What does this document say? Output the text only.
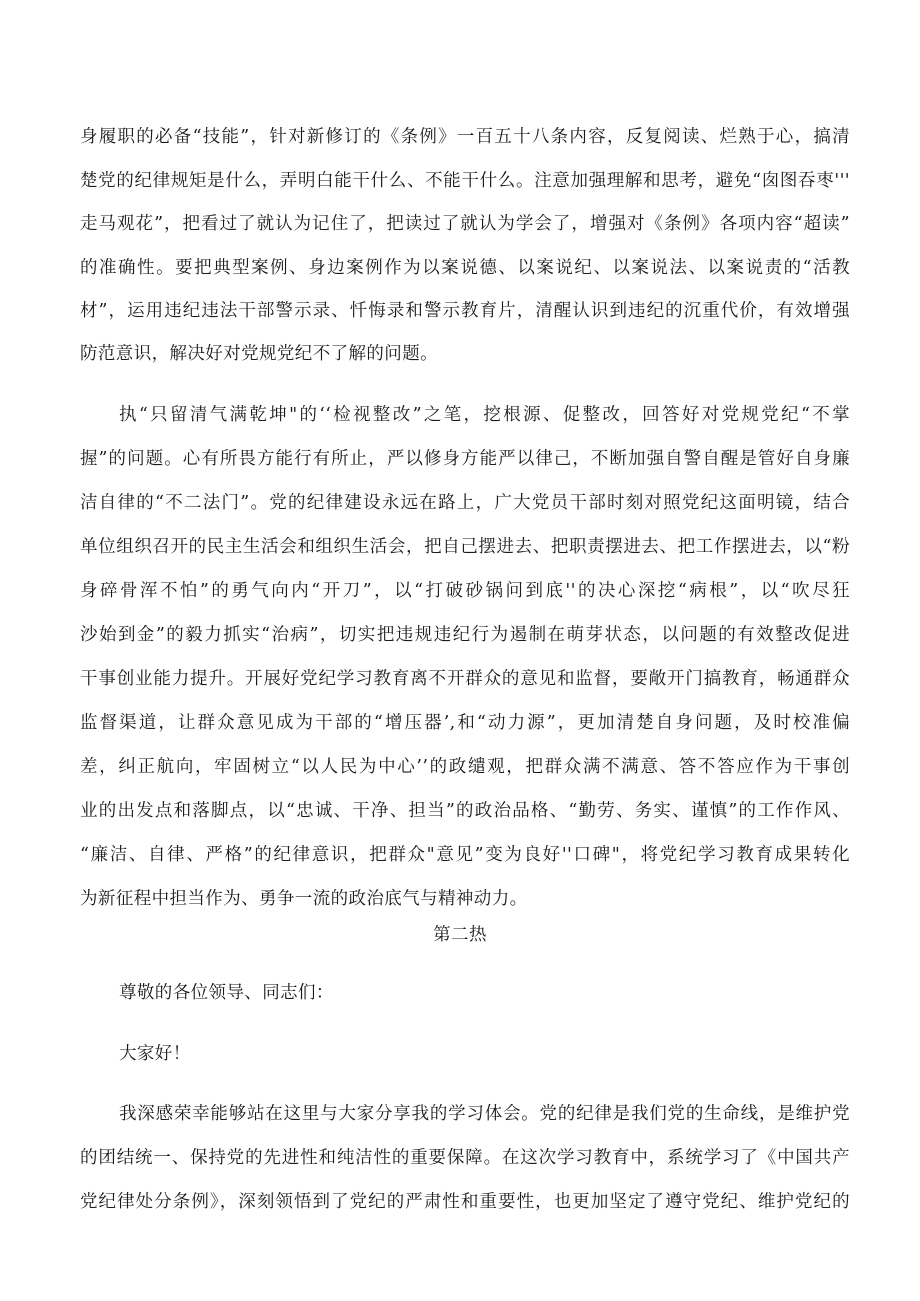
身履职的必备“技能”，针对新修订的《条例》一百五十八条内容，反复阅读、烂熟于心，搞清
楚党的纪律规矩是什么，弄明白能干什么、不能干什么。注意加强理解和思考，避免“囱图吞枣'''
走马观花”，把看过了就认为记住了，把读过了就认为学会了，增强对《条例》各项内容“超读”
的准确性。要把典型案例、身边案例作为以案说德、以案说纪、以案说法、以案说责的“活教
材”，运用违纪违法干部警示录、忏悔录和警示教育片，清醒认识到违纪的沉重代价，有效增强
防范意识，解决好对党规党纪不了解的问题。
执“只留清气满乾坤"的‘‘检视整改”之笔，挖根源、促整改，回答好对党规党纪“不掌
握”的问题。心有所畏方能行有所止，严以修身方能严以律己，不断加强自警自醒是管好自身廉
洁自律的“不二法门”。党的纪律建设永远在路上，广大党员干部时刻对照党纪这面明镜，结合
单位组织召开的民主生活会和组织生活会，把自己摆进去、把职责摆进去、把工作摆进去，以“粉
身碎骨浑不怕”的勇气向内“开刀”，以“打破砂锅问到底''的决心深挖“病根”，以“吹尽狂
沙始到金”的毅力抓实“治病”，切实把违规违纪行为遏制在萌芽状态，以问题的有效整改促进
干事创业能力提升。开展好党纪学习教育离不开群众的意见和监督，要敞开门搞教育，畅通群众
监督渠道，让群众意见成为干部的“增压器’,和“动力源”，更加清楚自身问题，及时校准偏
差，纠正航向，牢固树立“以人民为中心’’的政缱观，把群众满不满意、答不答应作为干事创
业的出发点和落脚点，以“忠诚、干净、担当”的政治品格、“勤劳、务实、谨慎”的工作作风、
“廉洁、自律、严格”的纪律意识，把群众"意见”变为良好''口碑"，将党纪学习教育成果转化
为新征程中担当作为、勇争一流的政治底气与精神动力。
第二热
尊敬的各位领导、同志们：
大家好！
我深感荣幸能够站在这里与大家分享我的学习体会。党的纪律是我们党的生命线，是维护党
的团结统一、保持党的先进性和纯洁性的重要保障。在这次学习教育中，系统学习了《中国共产
党纪律处分条例》，深刻领悟到了党纪的严肃性和重要性，也更加坚定了遵守党纪、维护党纪的
